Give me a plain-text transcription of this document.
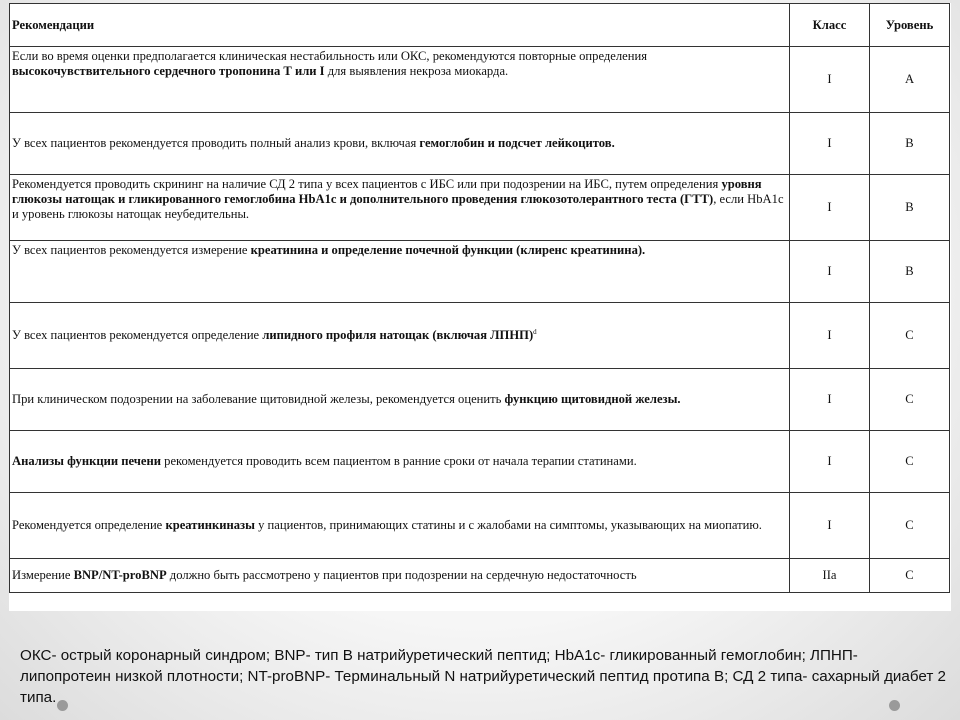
Рекомендации	Класс	Уровень
Если во время оценки предполагается клиническая нестабильность или ОКС, рекомендуются повторные определения высокочувствительного сердечного тропонина Т или I для выявления некроза миокарда.	I	A
У всех пациентов рекомендуется проводить полный анализ крови, включая гемоглобин и подсчет лейкоцитов.	I	B
Рекомендуется проводить скрининг на наличие СД 2 типа у всех пациентов с ИБС или при подозрении на ИБС, путем определения уровня глюкозы натощак и гликированного гемоглобина HbA1c и дополнительного проведения глюкозотолерантного теста (ГТТ), если HbA1c и уровень глюкозы натощак неубедительны.	I	B
У всех пациентов рекомендуется измерение креатинина и определение почечной функции (клиренс креатинина).	I	B
У всех пациентов рекомендуется определение липидного профиля натощак (включая ЛПНП)$^d$	I	C
При клиническом подозрении на заболевание щитовидной железы, рекомендуется оценить функцию щитовидной железы.	I	C
Анализы функции печени рекомендуется проводить всем пациентом в ранние сроки от начала терапии статинами.	I	C
Рекомендуется определение креатинкиназы у пациентов, принимающих статины и с жалобами на симптомы, указывающих на миопатию.	I	C
Измерение BNP/NT-proBNP должно быть рассмотрено у пациентов при подозрении на сердечную недостаточность	IIa	C
ОКС- острый коронарный синдром; BNP- тип В натрийуретический пептид; HbA1c- гликированный гемоглобин; ЛПНП- липопротеин низкой плотности; NT-proBNP- Терминальный N натрийуретический пептид протипа В; СД 2 типа- сахарный диабет 2 типа.
